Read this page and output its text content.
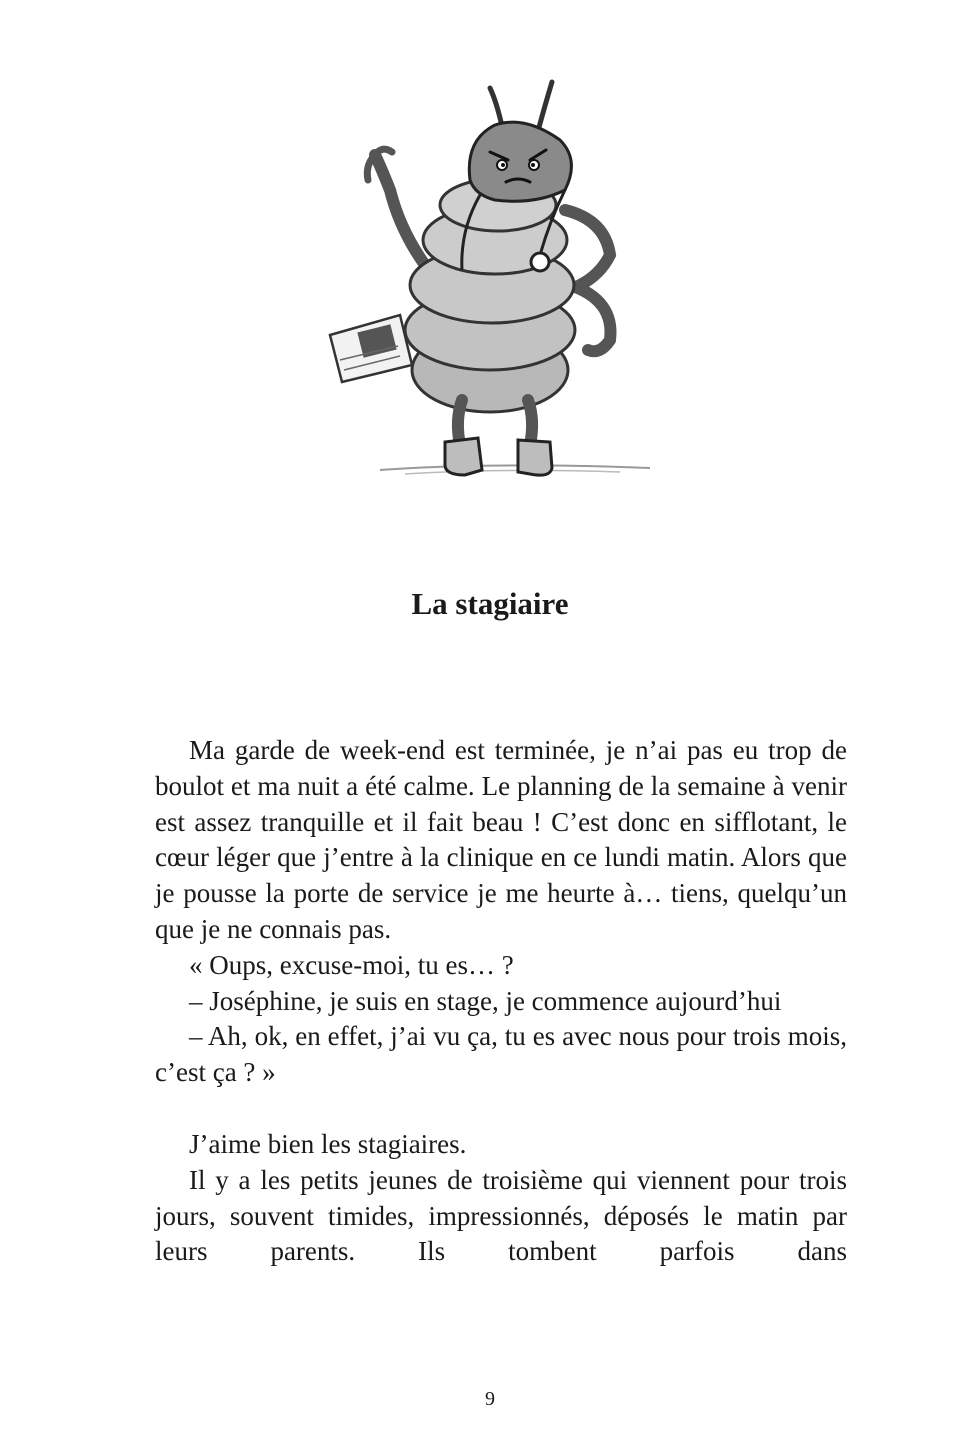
La stagiaire

Ma garde de week-end est terminée, je n’ai pas eu trop de boulot et ma nuit a été calme. Le planning de la semaine à venir est assez tranquille et il fait beau ! C’est donc en sifflotant, le cœur léger que j’entre à la clinique en ce lundi matin. Alors que je pousse la porte de service je me heurte à… tiens, quelqu’un que je ne connais pas.

« Oups, excuse-moi, tu es… ?

– Joséphine, je suis en stage, je commence aujourd’hui

– Ah, ok, en effet, j’ai vu ça, tu es avec nous pour trois mois, c’est ça ? »

J’aime bien les stagiaires.

Il y a les petits jeunes de troisième qui viennent pour trois jours, souvent timides, impressionnés, déposés le matin par leurs parents. Ils tombent parfois dans

9
